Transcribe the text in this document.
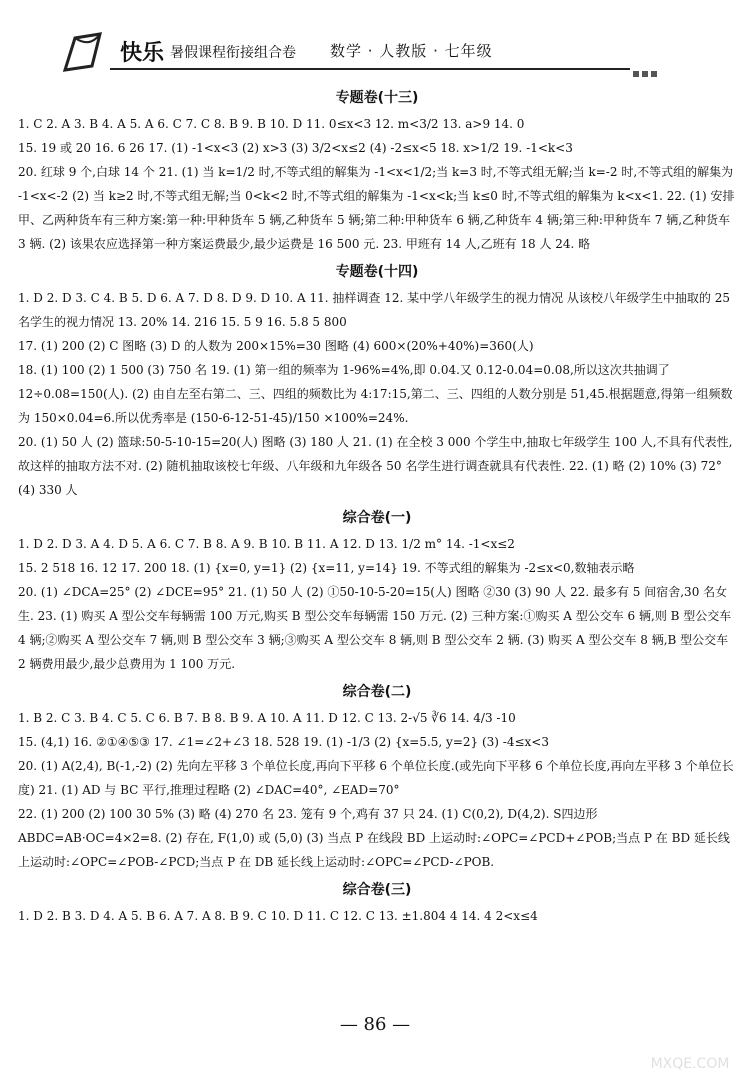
快乐 暑假课程衔接组合卷 数学 · 人教版 · 七年级
专题卷(十三)

1. C 2. A 3. B 4. A 5. A 6. C 7. C 8. B 9. B 10. D 11. 0≤x<3 12. m<3/2 13. a>9 14. 0

15. 19 或 20 16. 6 26 17. (1) -1<x<3 (2) x>3 (3) 3/2<x≤2 (4) -2≤x<5 18. x>1/2 19. -1<k<3

20. 红球 9 个,白球 14 个 21. (1) 当 k=1/2 时,不等式组的解集为 -1<x<1/2;当 k=3 时,不等式组无解;当 k=-2 时,不等式组的解集为 -1<x<-2 (2) 当 k≥2 时,不等式组无解;当 0<k<2 时,不等式组的解集为 -1<x<k;当 k≤0 时,不等式组的解集为 k<x<1. 22. (1) 安排甲、乙两种货车有三种方案:第一种:甲种货车 5 辆,乙种货车 5 辆;第二种:甲种货车 6 辆,乙种货车 4 辆;第三种:甲种货车 7 辆,乙种货车 3 辆. (2) 该果农应选择第一种方案运费最少,最少运费是 16 500 元. 23. 甲班有 14 人,乙班有 18 人 24. 略

专题卷(十四)

1. D 2. D 3. C 4. B 5. D 6. A 7. D 8. D 9. D 10. A 11. 抽样调查 12. 某中学八年级学生的视力情况 从该校八年级学生中抽取的 25 名学生的视力情况 13. 20% 14. 216 15. 5 9 16. 5.8 5 800

17. (1) 200 (2) C 图略 (3) D 的人数为 200×15%=30 图略 (4) 600×(20%+40%)=360(人)

18. (1) 100 (2) 1 500 (3) 750 名 19. (1) 第一组的频率为 1-96%=4%,即 0.04.又 0.12-0.04=0.08,所以这次共抽调了 12÷0.08=150(人). (2) 由自左至右第二、三、四组的频数比为 4:17:15,第二、三、四组的人数分别是 51,45.根据题意,得第一组频数为 150×0.04=6.所以优秀率是 (150-6-12-51-45)/150 ×100%=24%.

20. (1) 50 人 (2) 篮球:50-5-10-15=20(人) 图略 (3) 180 人 21. (1) 在全校 3 000 个学生中,抽取七年级学生 100 人,不具有代表性,故这样的抽取方法不对. (2) 随机抽取该校七年级、八年级和九年级各 50 名学生进行调查就具有代表性. 22. (1) 略 (2) 10% (3) 72° (4) 330 人

综合卷(一)

1. D 2. D 3. A 4. D 5. A 6. C 7. B 8. A 9. B 10. B 11. A 12. D 13. 1/2 m° 14. -1<x≤2

15. 2 518 16. 12 17. 200 18. (1) {x=0, y=1} (2) {x=11, y=14} 19. 不等式组的解集为 -2≤x<0,数轴表示略

20. (1) ∠DCA=25° (2) ∠DCE=95° 21. (1) 50 人 (2) ①50-10-5-20=15(人) 图略 ②30 (3) 90 人 22. 最多有 5 间宿舍,30 名女生. 23. (1) 购买 A 型公交车每辆需 100 万元,购买 B 型公交车每辆需 150 万元. (2) 三种方案:①购买 A 型公交车 6 辆,则 B 型公交车 4 辆;②购买 A 型公交车 7 辆,则 B 型公交车 3 辆;③购买 A 型公交车 8 辆,则 B 型公交车 2 辆. (3) 购买 A 型公交车 8 辆,B 型公交车 2 辆费用最少,最少总费用为 1 100 万元.

综合卷(二)

1. B 2. C 3. B 4. C 5. C 6. B 7. B 8. B 9. A 10. A 11. D 12. C 13. 2-√5 ∛6 14. 4/3 -10

15. (4,1) 16. ②①④⑤③ 17. ∠1=∠2+∠3 18. 528 19. (1) -1/3 (2) {x=5.5, y=2} (3) -4≤x<3

20. (1) A(2,4), B(-1,-2) (2) 先向左平移 3 个单位长度,再向下平移 6 个单位长度.(或先向下平移 6 个单位长度,再向左平移 3 个单位长度) 21. (1) AD 与 BC 平行,推理过程略 (2) ∠DAC=40°, ∠EAD=70°

22. (1) 200 (2) 100 30 5% (3) 略 (4) 270 名 23. 笼有 9 个,鸡有 37 只 24. (1) C(0,2), D(4,2). S四边形ABDC=AB·OC=4×2=8. (2) 存在, F(1,0) 或 (5,0) (3) 当点 P 在线段 BD 上运动时:∠OPC=∠PCD+∠POB;当点 P 在 BD 延长线上运动时:∠OPC=∠POB-∠PCD;当点 P 在 DB 延长线上运动时:∠OPC=∠PCD-∠POB.

综合卷(三)

1. D 2. B 3. D 4. A 5. B 6. A 7. A 8. B 9. C 10. D 11. C 12. C 13. ±1.804 4 14. 4 2<x≤4

— 86 —
MXQE.COM
